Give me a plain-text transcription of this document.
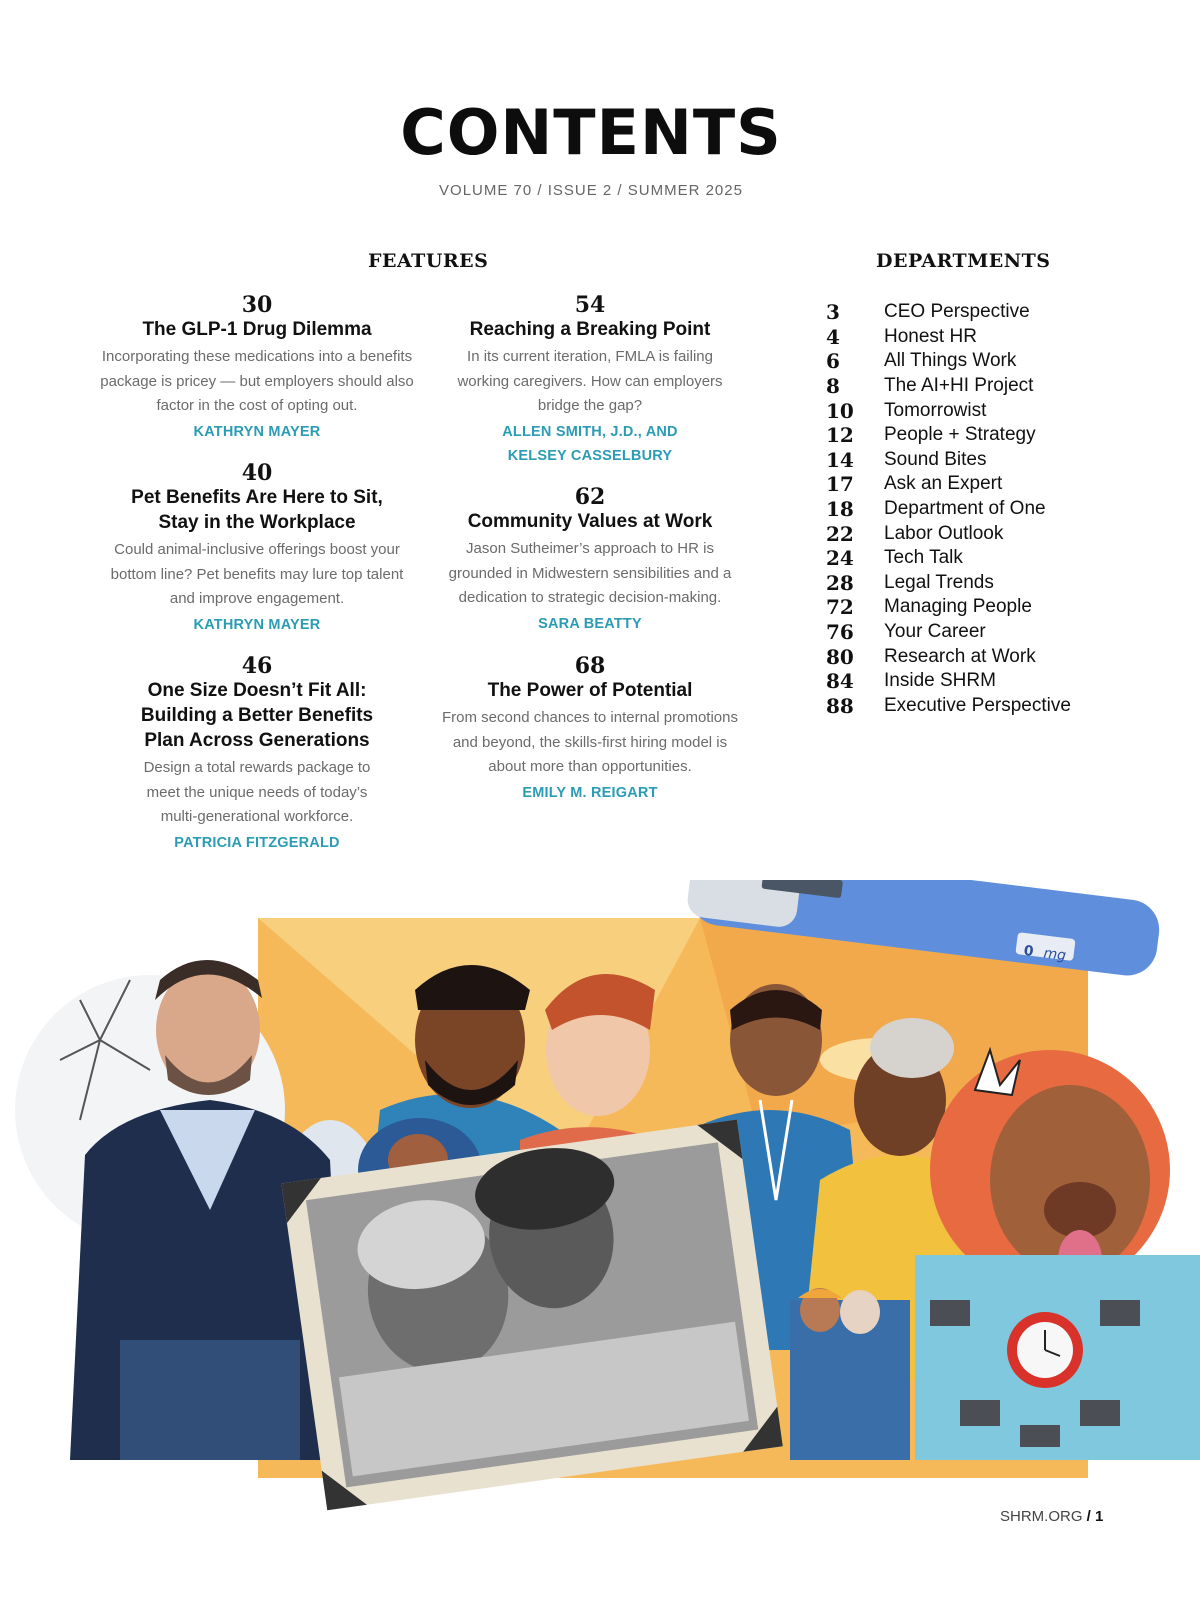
CONTENTS
VOLUME 70 / ISSUE 2 / SUMMER 2025
FEATURES	DEPARTMENTS
30
The GLP-1 Drug Dilemma
Incorporating these medications into a benefits package is pricey — but employers should also factor in the cost of opting out.
KATHRYN MAYER
40
Pet Benefits Are Here to Sit, Stay in the Workplace
Could animal-inclusive offerings boost your bottom line? Pet benefits may lure top talent and improve engagement.
KATHRYN MAYER
46
One Size Doesn’t Fit All: Building a Better Benefits Plan Across Generations
Design a total rewards package to meet the unique needs of today’s multi-generational workforce.
PATRICIA FITZGERALD
54
Reaching a Breaking Point
In its current iteration, FMLA is failing working caregivers. How can employers bridge the gap?
ALLEN SMITH, J.D., AND KELSEY CASSELBURY
62
Community Values at Work
Jason Sutheimer’s approach to HR is grounded in Midwestern sensibilities and a dedication to strategic decision-making.
SARA BEATTY
68
The Power of Potential
From second chances to internal promotions and beyond, the skills-first hiring model is about more than opportunities.
EMILY M. REIGART
3	CEO Perspective
4	Honest HR
6	All Things Work
8	The AI+HI Project
10	Tomorrowist
12	People + Strategy
14	Sound Bites
17	Ask an Expert
18	Department of One
22	Labor Outlook
24	Tech Talk
28	Legal Trends
72	Managing People
76	Your Career
80	Research at Work
84	Inside SHRM
88	Executive Perspective
0 mg
SHRM.ORG / 1
